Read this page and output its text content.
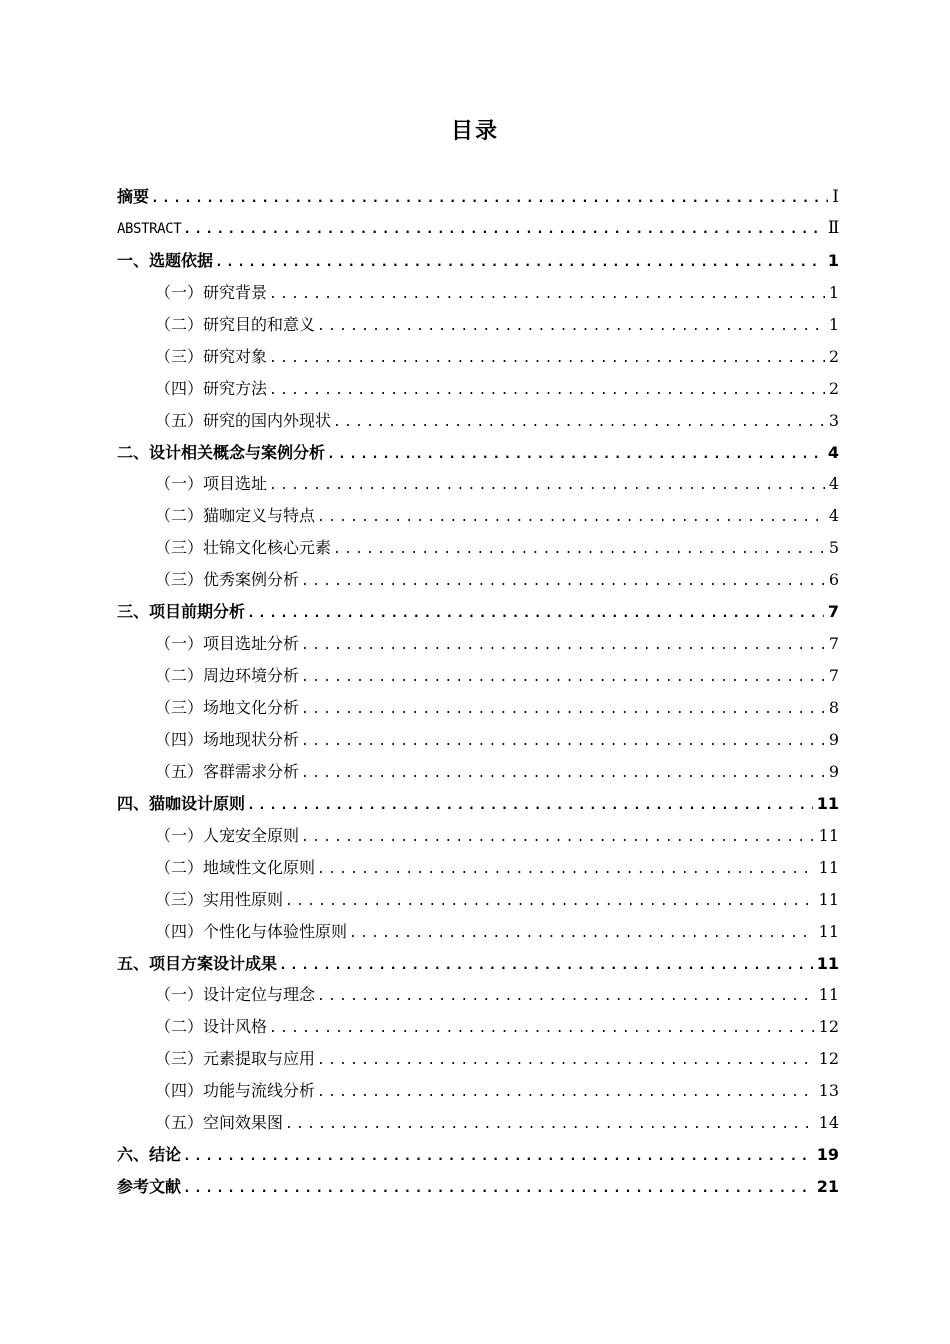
目录
摘要 .....	Ⅰ
ABSTRACT .....	Ⅱ
一、选题依据 .....	1
（一）研究背景 .....	1
（二）研究目的和意义 .....	1
（三）研究对象 .....	2
（四）研究方法 .....	2
（五）研究的国内外现状 .....	3
二、设计相关概念与案例分析 .....	4
（一）项目选址 .....	4
（二）猫咖定义与特点 .....	4
（三）壮锦文化核心元素 .....	5
（三）优秀案例分析 .....	6
三、项目前期分析 .....	7
（一）项目选址分析 .....	7
（二）周边环境分析 .....	7
（三）场地文化分析 .....	8
（四）场地现状分析 .....	9
（五）客群需求分析 .....	9
四、猫咖设计原则 .....	11
（一）人宠安全原则 .....	11
（二）地域性文化原则 .....	11
（三）实用性原则 .....	11
（四）个性化与体验性原则 .....	11
五、项目方案设计成果 .....	11
（一）设计定位与理念 .....	11
（二）设计风格 .....	12
（三）元素提取与应用 .....	12
（四）功能与流线分析 .....	13
（五）空间效果图 .....	14
六、结论 .....	19
参考文献 .....	21
